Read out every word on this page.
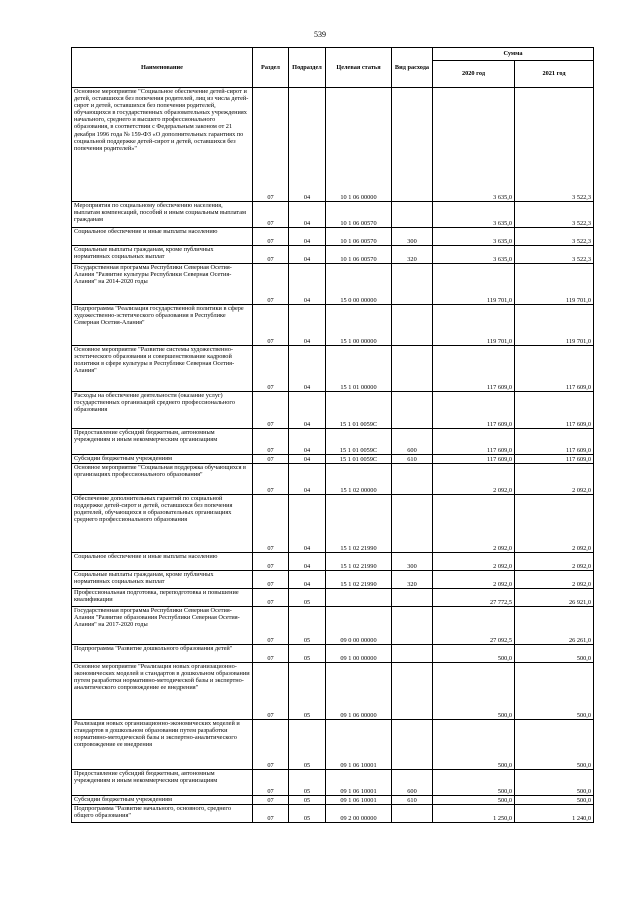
539
Наименование	Раздел	Подраздел	Целевая статья	Вид расхода	Сумма	
					2020 год	2021 год
Основное мероприятие "Социальное обеспечение детей-сирот и детей, оставшихся без попечения родителей, лиц из числа детей-сирот и детей, оставшихся без попечения родителей, обучающихся в государственных образовательных учреждениях начального, среднего и высшего профессионального образования, в соответствии с Федеральным законом от 21 декабря 1996 года № 159-ФЗ «О дополнительных гарантиях по социальной поддержке детей-сирот и детей, оставшихся без попечения родителей»"	07	04	10 1 06 00000		3 635,0	3 522,3
Мероприятия по социальному обеспечению населения, выплатам компенсаций, пособий и иным социальным выплатам гражданам	07	04	10 1 06 00570		3 635,0	3 522,3
Социальное обеспечение и иные выплаты населению	07	04	10 1 06 00570	300	3 635,0	3 522,3
Социальные выплаты гражданам, кроме публичных нормативных социальных выплат	07	04	10 1 06 00570	320	3 635,0	3 522,3
Государственная программа Республики Северная Осетия-Алания "Развитие культуры Республики Северная Осетия-Алания" на 2014-2020 годы	07	04	15 0 00 00000		119 701,0	119 701,0
Подпрограмма "Реализация государственной политики в сфере художественно-эстетического образования в Республике Северная Осетия-Алания"	07	04	15 1 00 00000		119 701,0	119 701,0
Основное мероприятие "Развитие системы художественно-эстетического образования и совершенствование кадровой политики в сфере культуры в Республике Северная Осетия-Алания"	07	04	15 1 01 00000		117 609,0	117 609,0
Расходы на обеспечение деятельности (оказание услуг) государственных организаций среднего профессионального образования	07	04	15 1 01 0059С		117 609,0	117 609,0
Предоставление субсидий бюджетным, автономным учреждениям и иным некоммерческим организациям	07	04	15 1 01 0059С	600	117 609,0	117 609,0
Субсидии бюджетным учреждениям	07	04	15 1 01 0059С	610	117 609,0	117 609,0
Основное мероприятие "Социальная поддержка обучающихся в организациях профессионального образования"	07	04	15 1 02 00000		2 092,0	2 092,0
Обеспечение дополнительных гарантий по социальной поддержке детей-сирот и детей, оставшихся без попечения родителей, обучающихся в образовательных организациях среднего профессионального образования	07	04	15 1 02 21990		2 092,0	2 092,0
Социальное обеспечение и иные выплаты населению	07	04	15 1 02 21990	300	2 092,0	2 092,0
Социальные выплаты гражданам, кроме публичных нормативных социальных выплат	07	04	15 1 02 21990	320	2 092,0	2 092,0
Профессиональная подготовка, переподготовка и повышение квалификации	07	05			27 772,5	26 921,0
Государственная программа Республики Северная Осетия-Алания "Развитие образования Республики Северная Осетия-Алания" на 2017-2020 годы	07	05	09 0 00 00000		27 092,5	26 261,0
Подпрограмма "Развитие дошкольного образования детей"	07	05	09 1 00 00000		500,0	500,0
Основное мероприятие "Реализация новых организационно-экономических моделей и стандартов в дошкольном образовании путем разработки нормативно-методической базы и экспертно-аналитического сопровождение ее внедрения"	07	05	09 1 06 00000		500,0	500,0
Реализация новых организационно-экономических моделей и стандартов в дошкольном образовании путем разработки нормативно-методической базы и экспертно-аналитического сопровождение ее внедрения	07	05	09 1 06 10001		500,0	500,0
Предоставление субсидий бюджетным, автономным учреждениям и иным некоммерческим организациям	07	05	09 1 06 10001	600	500,0	500,0
Субсидии бюджетным учреждениям	07	05	09 1 06 10001	610	500,0	500,0
Подпрограмма "Развитие начального, основного, среднего общего образования"	07	05	09 2 00 00000		1 250,0	1 240,0
